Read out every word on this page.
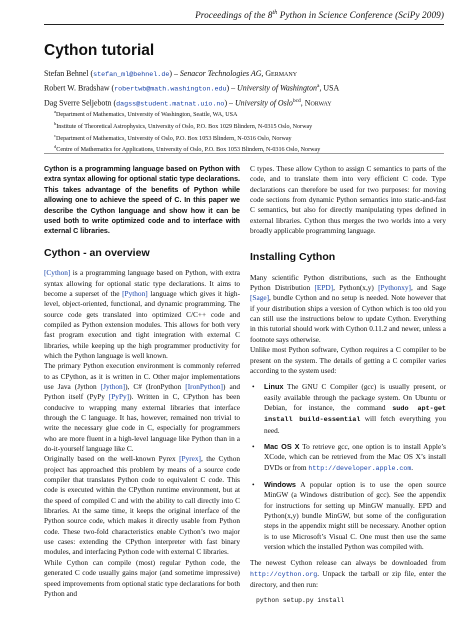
Proceedings of the 8th Python in Science Conference (SciPy 2009)
Cython tutorial
Stefan Behnel (stefan_ml@behnel.de) – Senacor Technologies AG, Germany
Robert W. Bradshaw (robertwb@math.washington.edu) – University of Washington$^a$, USA
Dag Sverre Seljebotn (dagss@student.matnat.uio.no) – University of Oslo$^{bcd}$, Norway
$^a$Department of Mathematics, University of Washington, Seattle, WA, USA
$^b$Institute of Theoretical Astrophysics, University of Oslo, P.O. Box 1029 Blindern, N-0315 Oslo, Norway
$^c$Department of Mathematics, University of Oslo, P.O. Box 1053 Blindern, N-0316 Oslo, Norway
$^d$Centre of Mathematics for Applications, University of Oslo, P.O. Box 1053 Blindern, N-0316 Oslo, Norway

Cython is a programming language based on Python with extra syntax allowing for optional static type declarations. This takes advantage of the benefits of Python while allowing one to achieve the speed of C. In this paper we describe the Cython language and show how it can be used both to write optimized code and to interface with external C libraries.

Cython - an overview

[Cython] is a programming language based on Python, with extra syntax allowing for optional static type declarations. It aims to become a superset of the [Python] language which gives it high-level, object-oriented, functional, and dynamic programming. The source code gets translated into optimized C/C++ code and compiled as Python extension modules. This allows for both very fast program execution and tight integration with external C libraries, while keeping up the high programmer productivity for which the Python language is well known.

The primary Python execution environment is commonly referred to as CPython, as it is written in C. Other major implementations use Java (Jython [Jython]), C# (IronPython [IronPython]) and Python itself (PyPy [PyPy]). Written in C, CPython has been conducive to wrapping many external libraries that interface through the C language. It has, however, remained non trivial to write the necessary glue code in C, especially for programmers who are more fluent in a high-level language like Python than in a do-it-yourself language like C.

Originally based on the well-known Pyrex [Pyrex], the Cython project has approached this problem by means of a source code compiler that translates Python code to equivalent C code. This code is executed within the CPython runtime environment, but at the speed of compiled C and with the ability to call directly into C libraries. At the same time, it keeps the original interface of the Python source code, which makes it directly usable from Python code. These two-fold characteristics enable Cython’s two major use cases: extending the CPython interpreter with fast binary modules, and interfacing Python code with external C libraries.

While Cython can compile (most) regular Python code, the generated C code usually gains major (and sometime impressive) speed improvements from optional static type declarations for both Python and

C types. These allow Cython to assign C semantics to parts of the code, and to translate them into very efficient C code. Type declarations can therefore be used for two purposes: for moving code sections from dynamic Python semantics into static-and-fast C semantics, but also for directly manipulating types defined in external libraries. Cython thus merges the two worlds into a very broadly applicable programming language.

Installing Cython

Many scientific Python distributions, such as the Enthought Python Distribution [EPD], Python(x,y) [Pythonxy], and Sage [Sage], bundle Cython and no setup is needed. Note however that if your distribution ships a version of Cython which is too old you can still use the instructions below to update Cython. Everything in this tutorial should work with Cython 0.11.2 and newer, unless a footnote says otherwise.

Unlike most Python software, Cython requires a C compiler to be present on the system. The details of getting a C compiler varies according to the system used:

• Linux The GNU C Compiler (gcc) is usually present, or easily available through the package system. On Ubuntu or Debian, for instance, the command sudo apt-get install build-essential will fetch everything you need.
• Mac OS X To retrieve gcc, one option is to install Apple’s XCode, which can be retrieved from the Mac OS X’s install DVDs or from http://developer.apple.com.
• Windows A popular option is to use the open source MinGW (a Windows distribution of gcc). See the appendix for instructions for setting up MinGW manually. EPD and Python(x,y) bundle MinGW, but some of the configuration steps in the appendix might still be necessary. Another option is to use Microsoft’s Visual C. One must then use the same version which the installed Python was compiled with.

The newest Cython release can always be downloaded from http://cython.org. Unpack the tarball or zip file, enter the directory, and then run:

python setup.py install
